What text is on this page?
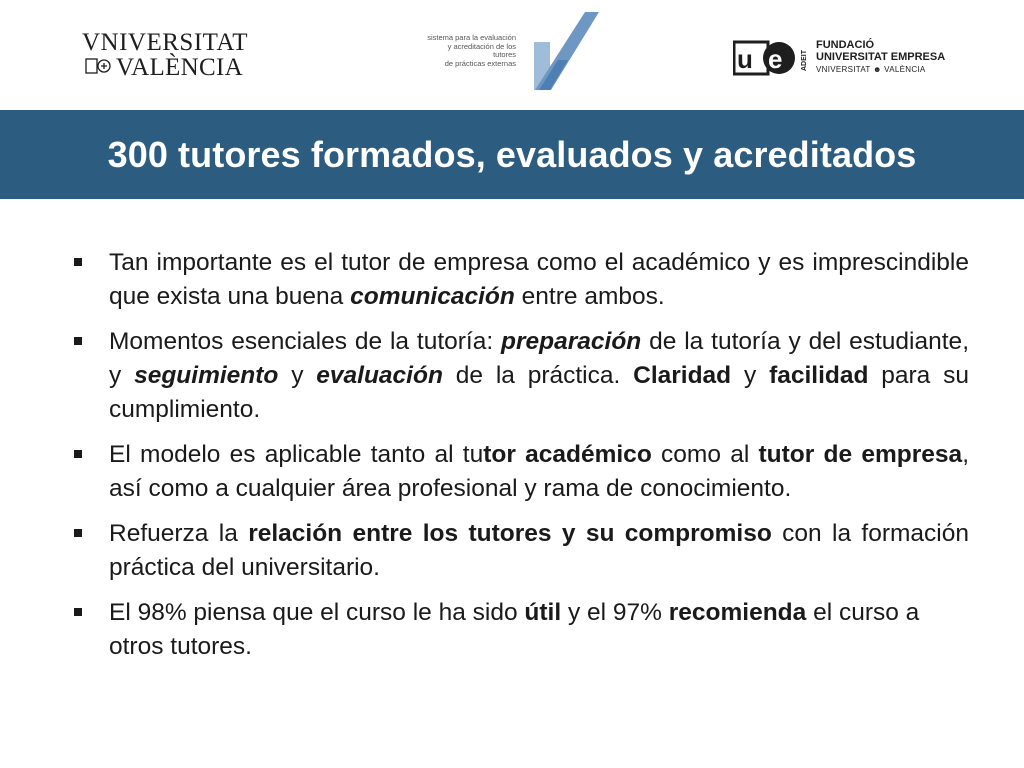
VNIVERSITAT
VALÈNCIA
sistema para la evaluación
y acreditación de los tutores
de prácticas externas	u e	ADEIT
FUNDACIÓ
UNIVERSITAT EMPRESA
VNIVERSITAT ☻ VALÈNCIA
300 tutores formados, evaluados y acreditados

Tan importante es el tutor de empresa como el académico y es imprescindible que exista una buena comunicación entre ambos.

Momentos esenciales de la tutoría: preparación de la tutoría y del estudiante, y seguimiento y evaluación de la práctica. Claridad y facilidad para su cumplimiento.

El modelo es aplicable tanto al tutor académico como al tutor de empresa, así como a cualquier área profesional y rama de conocimiento.

Refuerza la relación entre los tutores y su compromiso con la formación práctica del universitario.

El 98% piensa que el curso le ha sido útil y el 97% recomienda el curso a otros tutores.
